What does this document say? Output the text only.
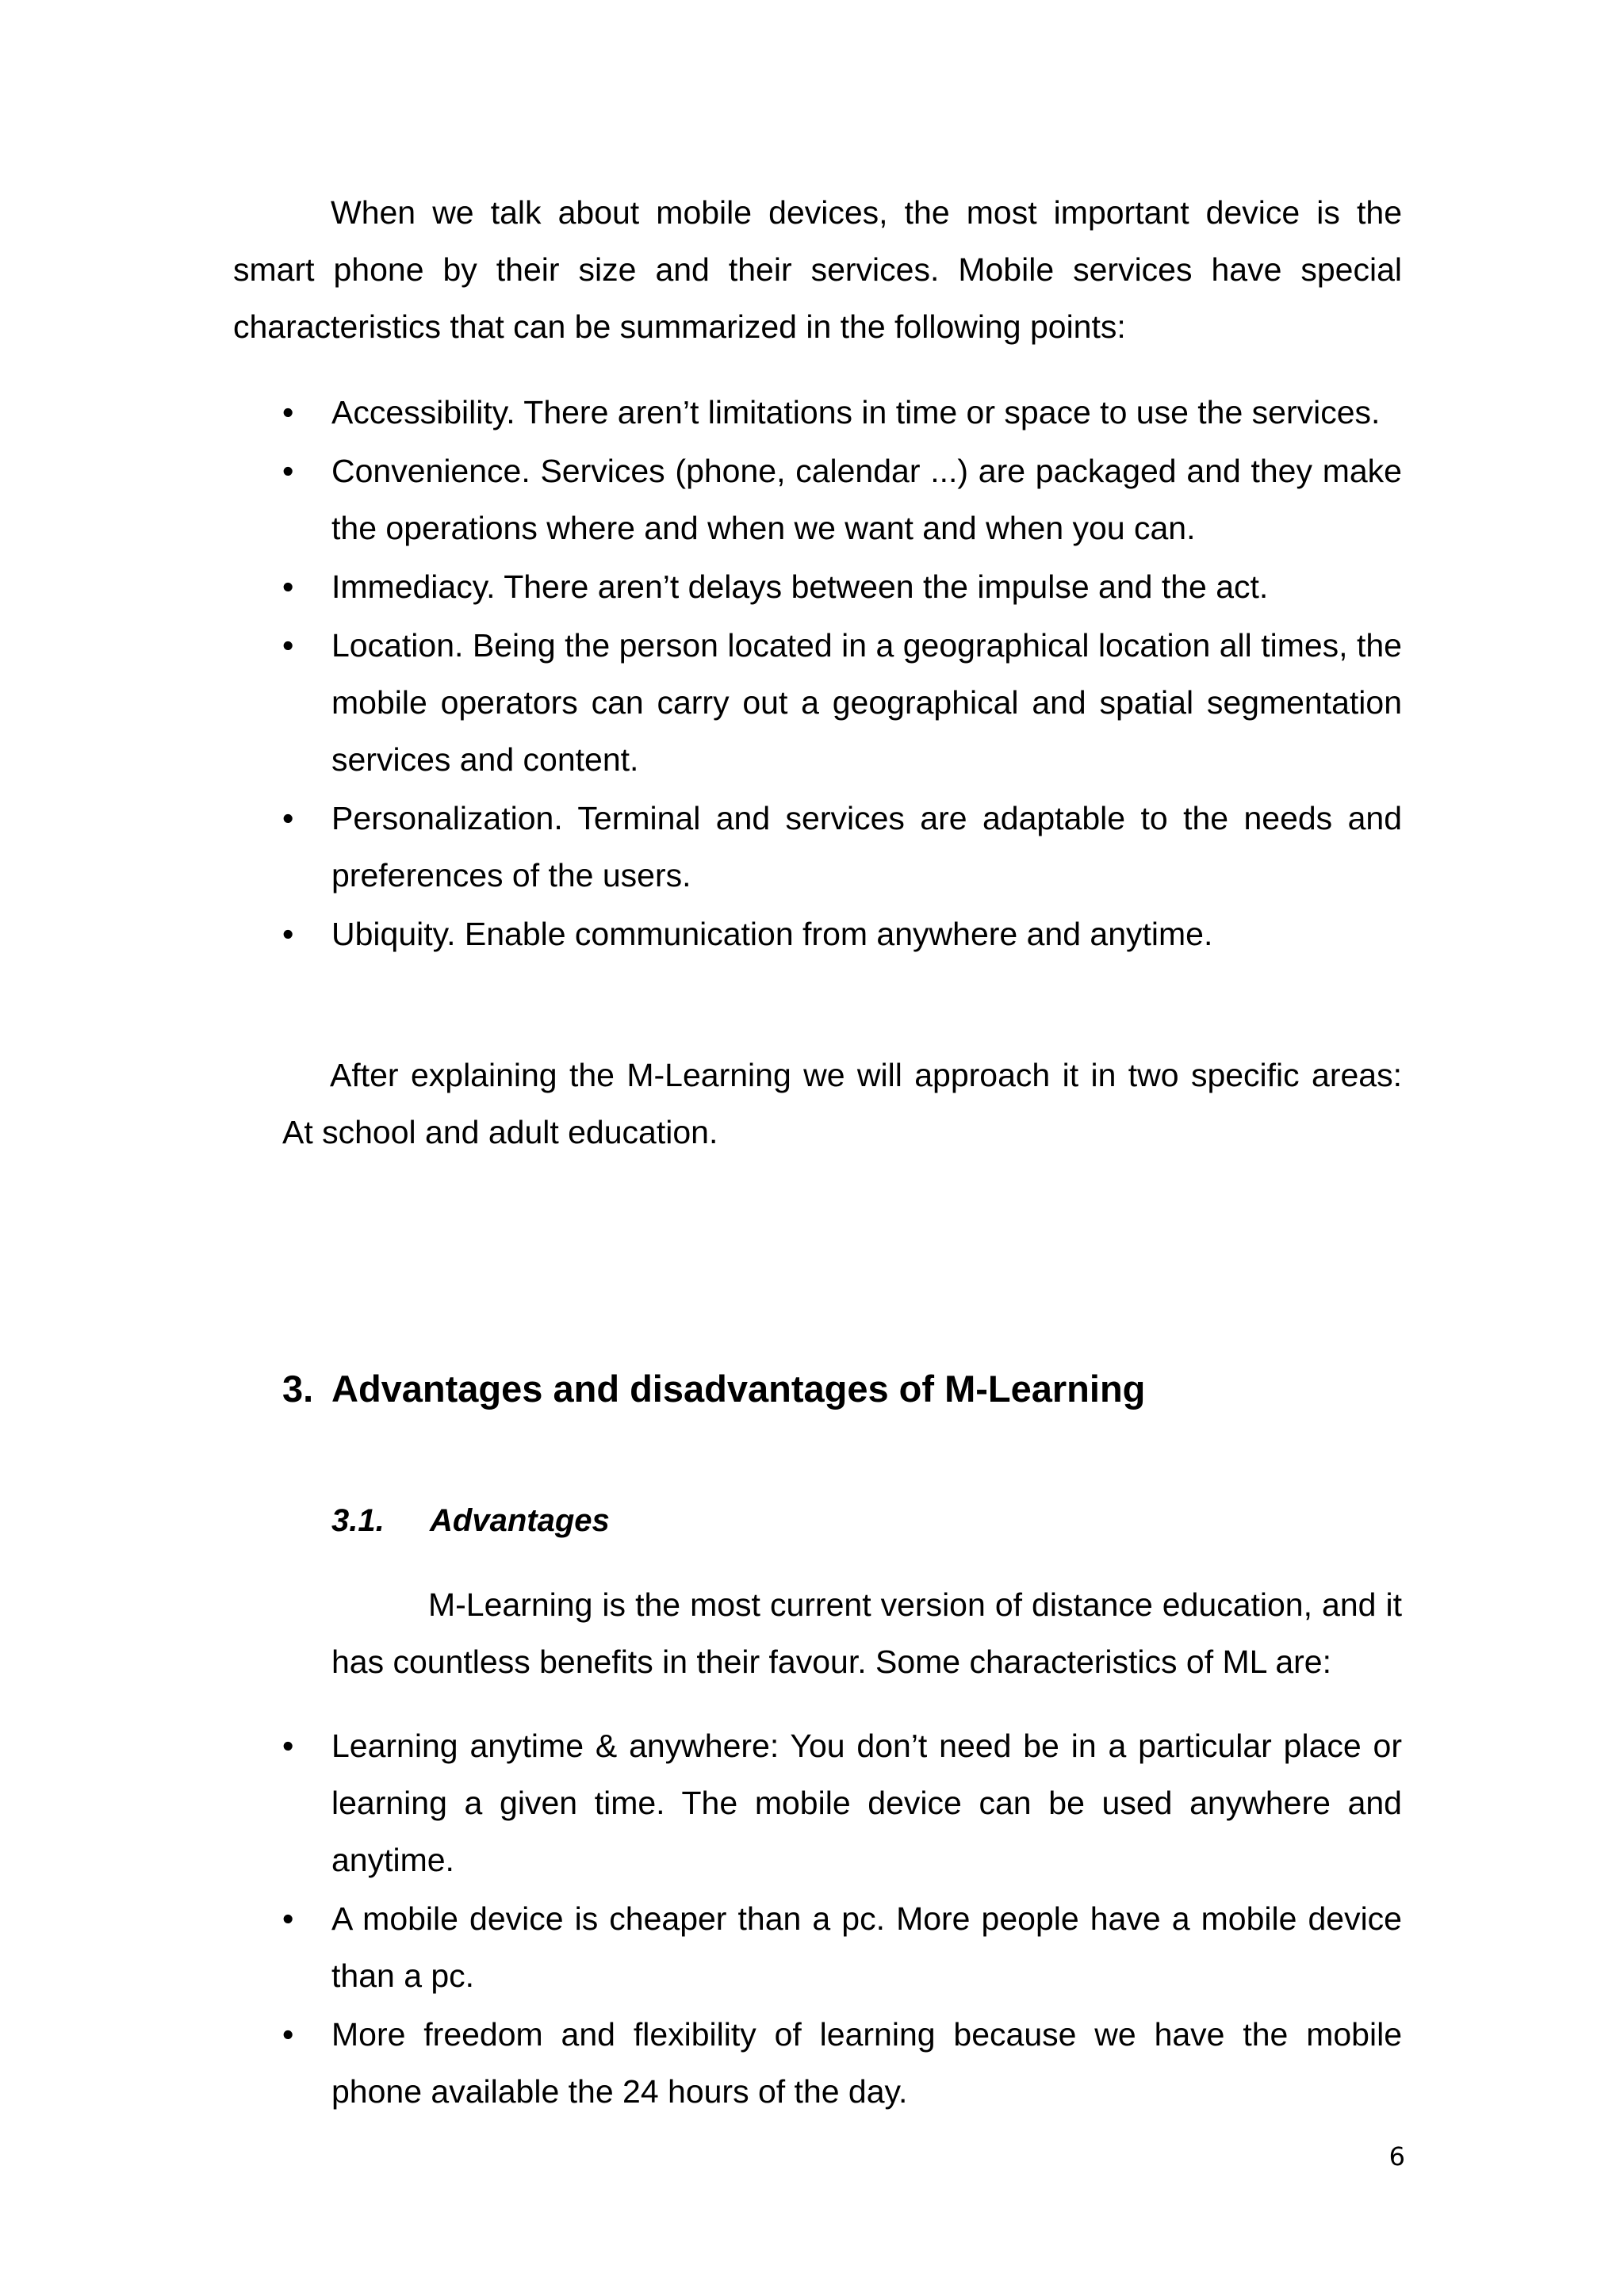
When we talk about mobile devices, the most important device is the smart phone by their size and their services. Mobile services have special characteristics that can be summarized in the following points:

•	Accessibility. There aren’t limitations in time or space to use the services.
•	Convenience. Services (phone, calendar ...) are packaged and they make the operations where and when we want and when you can.
•	Immediacy. There aren’t delays between the impulse and the act.
•	Location. Being the person located in a geographical location all times, the mobile operators can carry out a geographical and spatial segmentation services and content.
•	Personalization. Terminal and services are adaptable to the needs and preferences of the users.
•	Ubiquity. Enable communication from anywhere and anytime.

After explaining the M-Learning we will approach it in two specific areas: At school and adult education.

3. Advantages and disadvantages of M-Learning
3.1. Advantages

M-Learning is the most current version of distance education, and it has countless benefits in their favour. Some characteristics of ML are:

•	Learning anytime & anywhere: You don’t need be in a particular place or learning a given time. The mobile device can be used anywhere and anytime.
•	A mobile device is cheaper than a pc. More people have a mobile device than a pc.
•	More freedom and flexibility of learning because we have the mobile phone available the 24 hours of the day.
6
